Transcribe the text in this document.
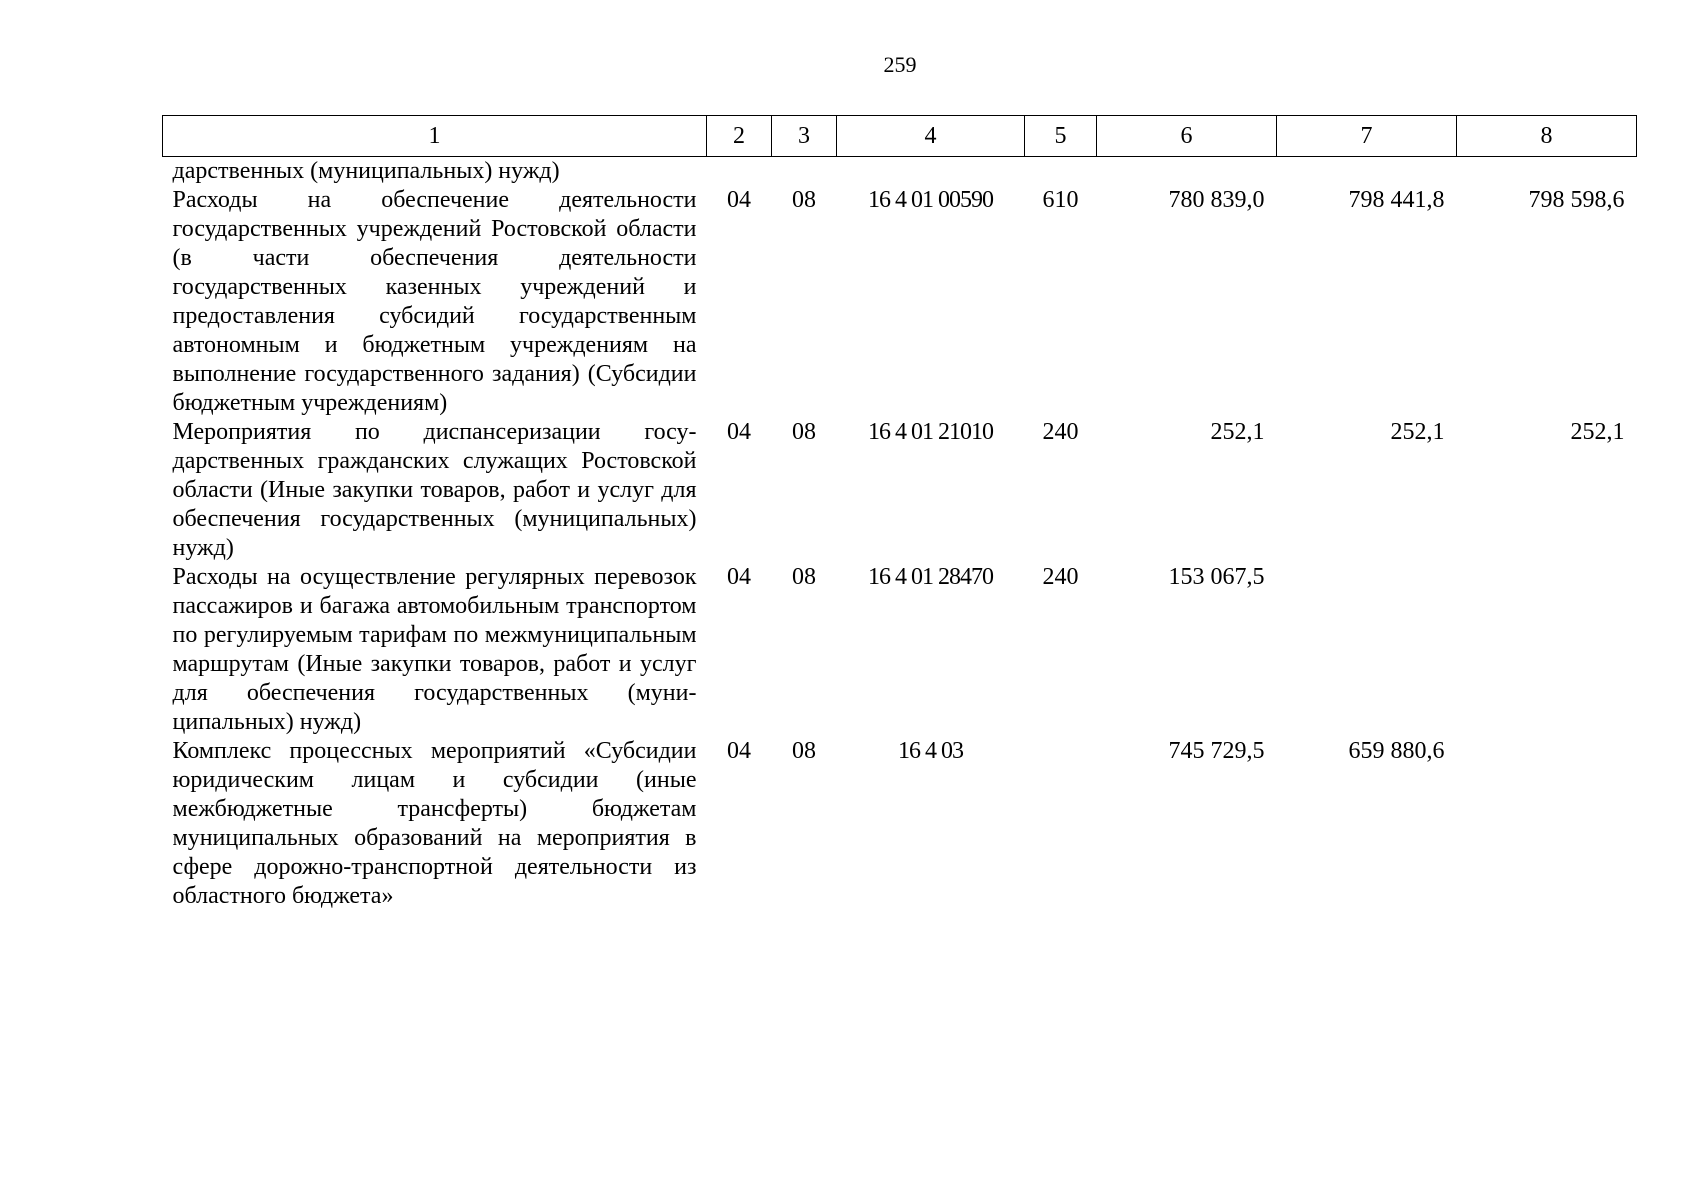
259
1	2	3	4	5	6	7	8
дарственных (муниципальных) нужд)							
Расходы на обеспечение деятельности государственных учреждений Ростовской области (в части обеспечения деятельности государственных казенных учреждений и предоставления субсидий государственным автономным и бюджетным учреждениям на выполнение государственного задания) (Субсидии бюджетным учреждениям)	04	08	16 4 01 00590	610	780 839,0	798 441,8	798 598,6
Мероприятия по диспансеризации государственных гражданских служащих Ростовской области (Иные закупки товаров, работ и услуг для обеспечения государственных (муниципальных) нужд)	04	08	16 4 01 21010	240	252,1	252,1	252,1
Расходы на осуществление регулярных перевозок пассажиров и багажа автомобильным транспортом по регулируемым тарифам по межмуниципальным маршрутам (Иные закупки товаров, работ и услуг для обеспечения государственных (муниципальных) нужд)	04	08	16 4 01 28470	240	153 067,5		
Комплекс процессных мероприятий «Субсидии юридическим лицам и субсидии (иные межбюджетные трансферты) бюджетам муниципальных образований на мероприятия в сфере дорожно-транспортной деятельности из областного бюджета»	04	08	16 4 03		745 729,5	659 880,6	
